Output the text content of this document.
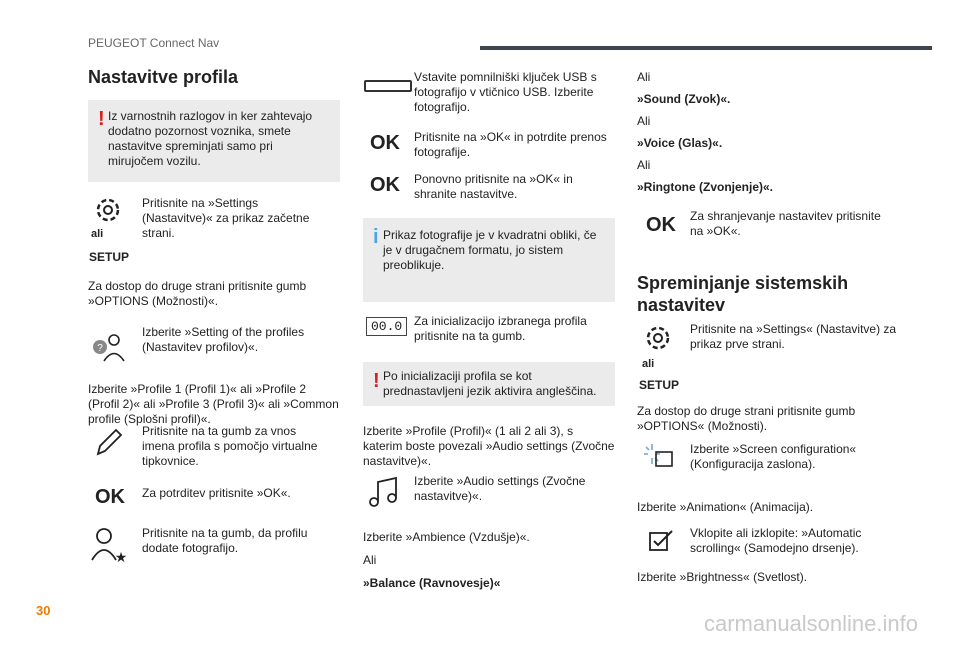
PEUGEOT Connect Nav
30
Nastavitve profila
! Iz varnostnih razlogov in ker zahtevajo dodatno pozornost voznika, smete nastavitve spreminjati samo pri mirujočem vozilu.
ali
SETUP
Pritisnite na »Settings (Nastavitve)« za prikaz začetne strani.
Za dostop do druge strani pritisnite gumb »OPTIONS (Možnosti)«.
?
Izberite »Setting of the profiles (Nastavitev profilov)«.
Izberite »Profile 1 (Profil 1)« ali »Profile 2 (Profil 2)« ali »Profile 3 (Profil 3)« ali »Common profile (Splošni profil)«.
Pritisnite na ta gumb za vnos imena profila s pomočjo virtualne tipkovnice.
OK Za potrditev pritisnite »OK«.
★
Pritisnite na ta gumb, da profilu dodate fotografijo.
Vstavite pomnilniški ključek USB s fotografijo v vtičnico USB. Izberite fotografijo.
OK Pritisnite na »OK« in potrdite prenos fotografije.
OK Ponovno pritisnite na »OK« in shranite nastavitve.
i Prikaz fotografije je v kvadratni obliki, če je v drugačnem formatu, jo sistem preoblikuje.
00.0 Za inicializacijo izbranega profila pritisnite na ta gumb.
! Po inicializaciji profila se kot prednastavljeni jezik aktivira angleščina.
Izberite »Profile (Profil)« (1 ali 2 ali 3), s katerim boste povezali »Audio settings (Zvočne nastavitve)«.
Izberite »Audio settings (Zvočne nastavitve)«.
Izberite »Ambience (Vzdušje)«.
Ali
»Balance (Ravnovesje)«
Ali
»Sound (Zvok)«.
Ali
»Voice (Glas)«.
Ali
»Ringtone (Zvonjenje)«.
OK Za shranjevanje nastavitev pritisnite na »OK«.
Spreminjanje sistemskih nastavitev
ali
SETUP
Pritisnite na »Settings« (Nastavitve) za prikaz prve strani.
Za dostop do druge strani pritisnite gumb »OPTIONS« (Možnosti).
Izberite »Screen configuration« (Konfiguracija zaslona).
Izberite »Animation« (Animacija).
Vklopite ali izklopite: »Automatic scrolling« (Samodejno drsenje).
Izberite »Brightness« (Svetlost).
carmanualsonline.info
